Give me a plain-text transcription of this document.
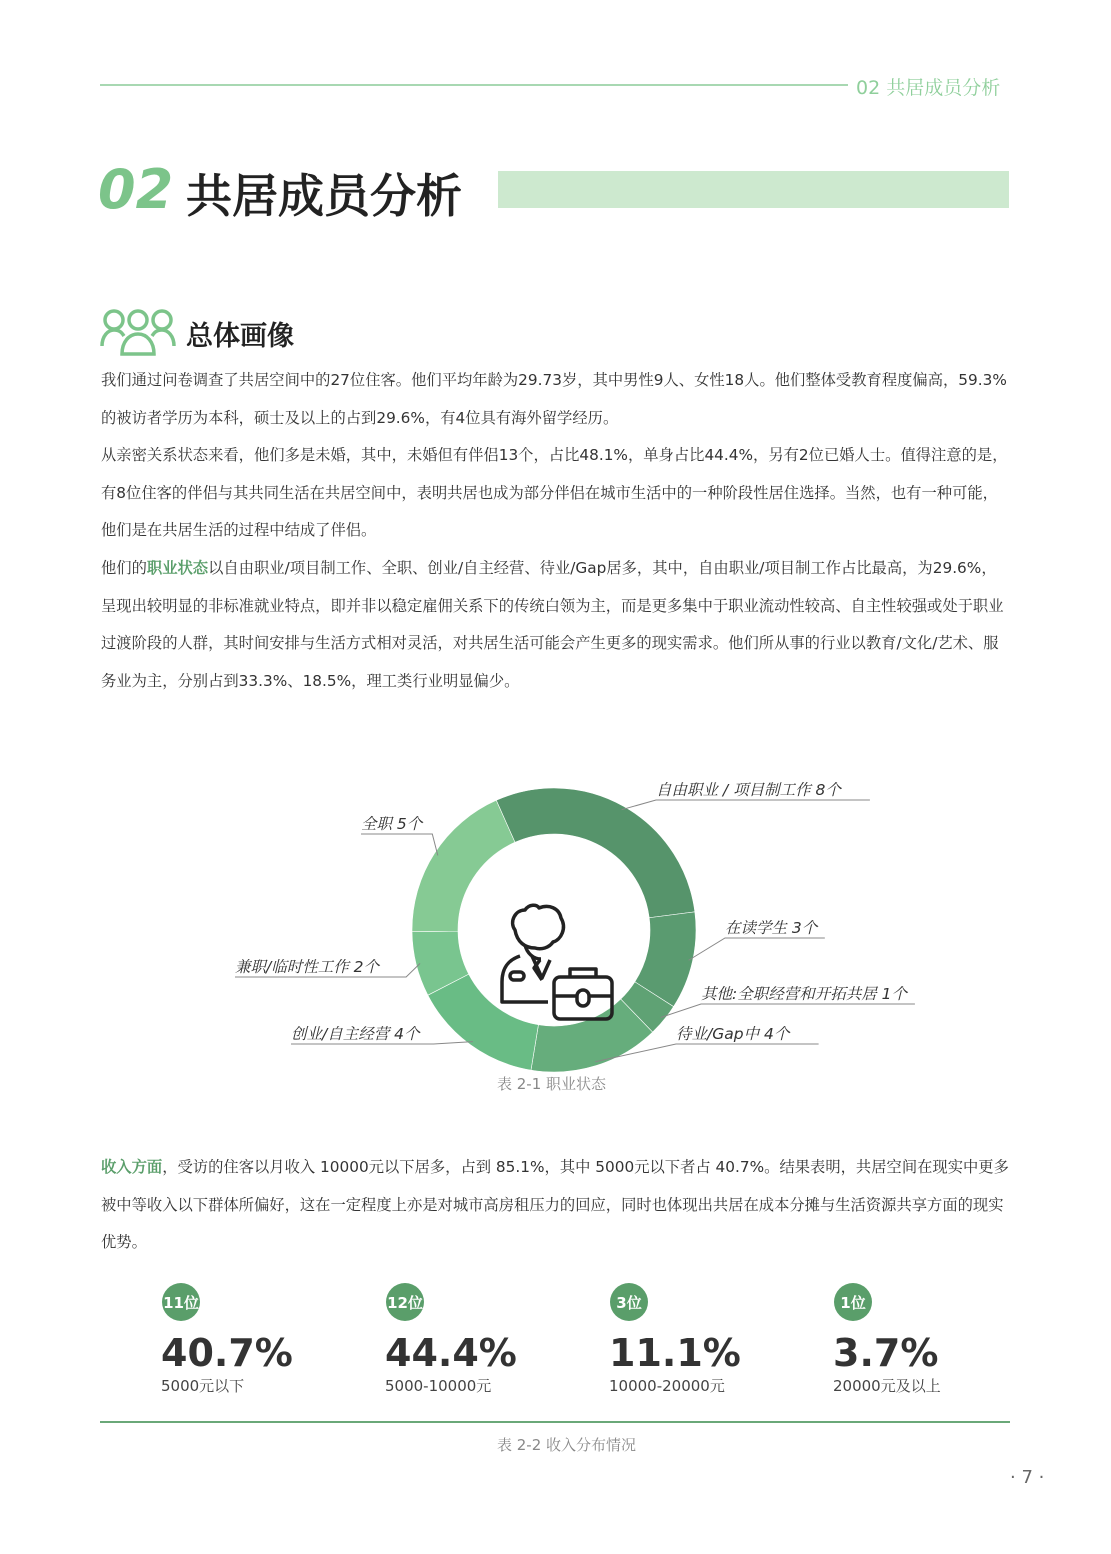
02 共居成员分析
02 共居成员分析
总体画像
我们通过问卷调查了共居空间中的27位住客。他们平均年龄为29.73岁，其中男性9人、女性18人。他们整体受教育程度偏高，59.3%的被访者学历为本科，硕士及以上的占到29.6%，有4位具有海外留学经历。
从亲密关系状态来看，他们多是未婚，其中，未婚但有伴侣13个，占比48.1%，单身占比44.4%，另有2位已婚人士。值得注意的是，有8位住客的伴侣与其共同生活在共居空间中，表明共居也成为部分伴侣在城市生活中的一种阶段性居住选择。当然，也有一种可能，他们是在共居生活的过程中结成了伴侣。
他们的职业状态以自由职业/项目制工作、全职、创业/自主经营、待业/Gap居多，其中，自由职业/项目制工作占比最高，为29.6%，呈现出较明显的非标准就业特点，即并非以稳定雇佣关系下的传统白领为主，而是更多集中于职业流动性较高、自主性较强或处于职业过渡阶段的人群，其时间安排与生活方式相对灵活，对共居生活可能会产生更多的现实需求。他们所从事的行业以教育/文化/艺术、服务业为主，分别占到33.3%、18.5%，理工类行业明显偏少。
自由职业 / 项目制工作 8个
在读学生 3个
其他:全职经营和开拓共居 1个
待业/Gap中 4个
创业/自主经营 4个
兼职/临时性工作 2个
全职 5个
表 2-1 职业状态
收入方面，受访的住客以月收入 10000元以下居多，占到 85.1%，其中 5000元以下者占 40.7%。结果表明，共居空间在现实中更多被中等收入以下群体所偏好，这在一定程度上亦是对城市高房租压力的回应，同时也体现出共居在成本分摊与生活资源共享方面的现实优势。
11位
40.7%
5000元以下
12位
44.4%
5000-10000元
3位
11.1%
10000-20000元
1位
3.7%
20000元及以上
表 2-2 收入分布情况
· 7 ·
